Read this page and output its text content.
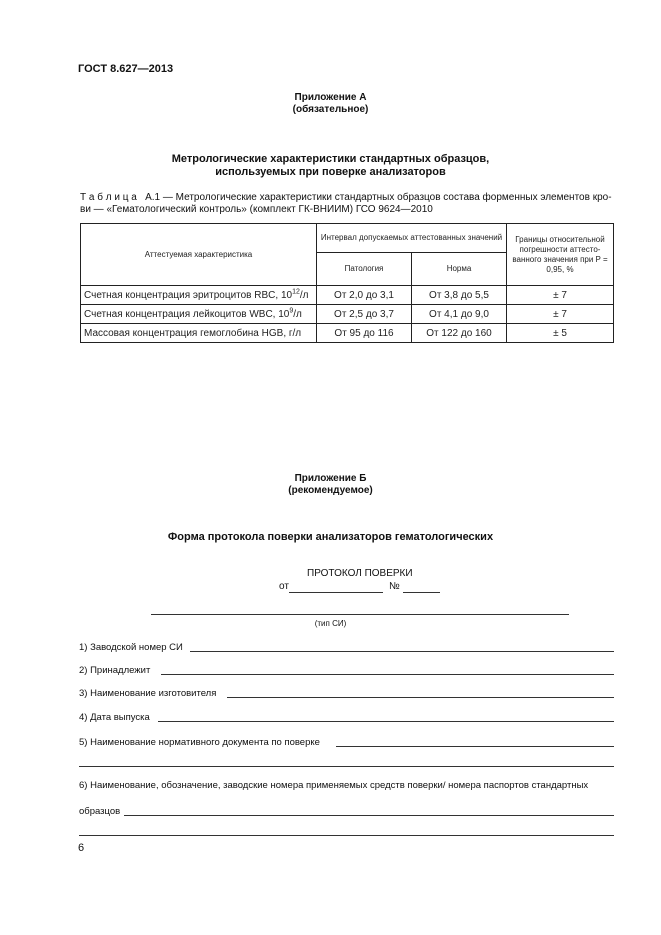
ГОСТ 8.627—2013
Приложение А
(обязательное)
Метрологические характеристики стандартных образцов,
используемых при поверке анализаторов
Т а б л и ц а   А.1 — Метрологические характеристики стандартных образцов состава форменных элементов кро-
ви — «Гематологический контроль» (комплект ГК-ВНИИМ) ГСО 9624—2010
Аттестуемая характеристика	Интервал допускаемых аттестованных значений		Границы относительной погрешности аттесто-ванного значения при P = 0,95, %
	Патология	Норма	
Счетная концентрация эритроцитов RBC, $10^{12}/л$	От 2,0 до 3,1	От 3,8 до 5,5	± 7
Счетная концентрация лейкоцитов WBC, $10^9/л$	От 2,5 до 3,7	От 4,1 до 9,0	± 7
Массовая концентрация гемоглобина HGB, г/л	От 95 до 116	От 122 до 160	± 5
Приложение Б
(рекомендуемое)
Форма протокола поверки анализаторов гематологических
ПРОТОКОЛ ПОВЕРКИ
от	№
(тип СИ)
1) Заводской номер СИ
2) Принадлежит
3) Наименование изготовителя
4) Дата выпуска
5) Наименование нормативного документа по поверке
6) Наименование, обозначение, заводские номера применяемых средств поверки/ номера паспортов стандартных
образцов
6
